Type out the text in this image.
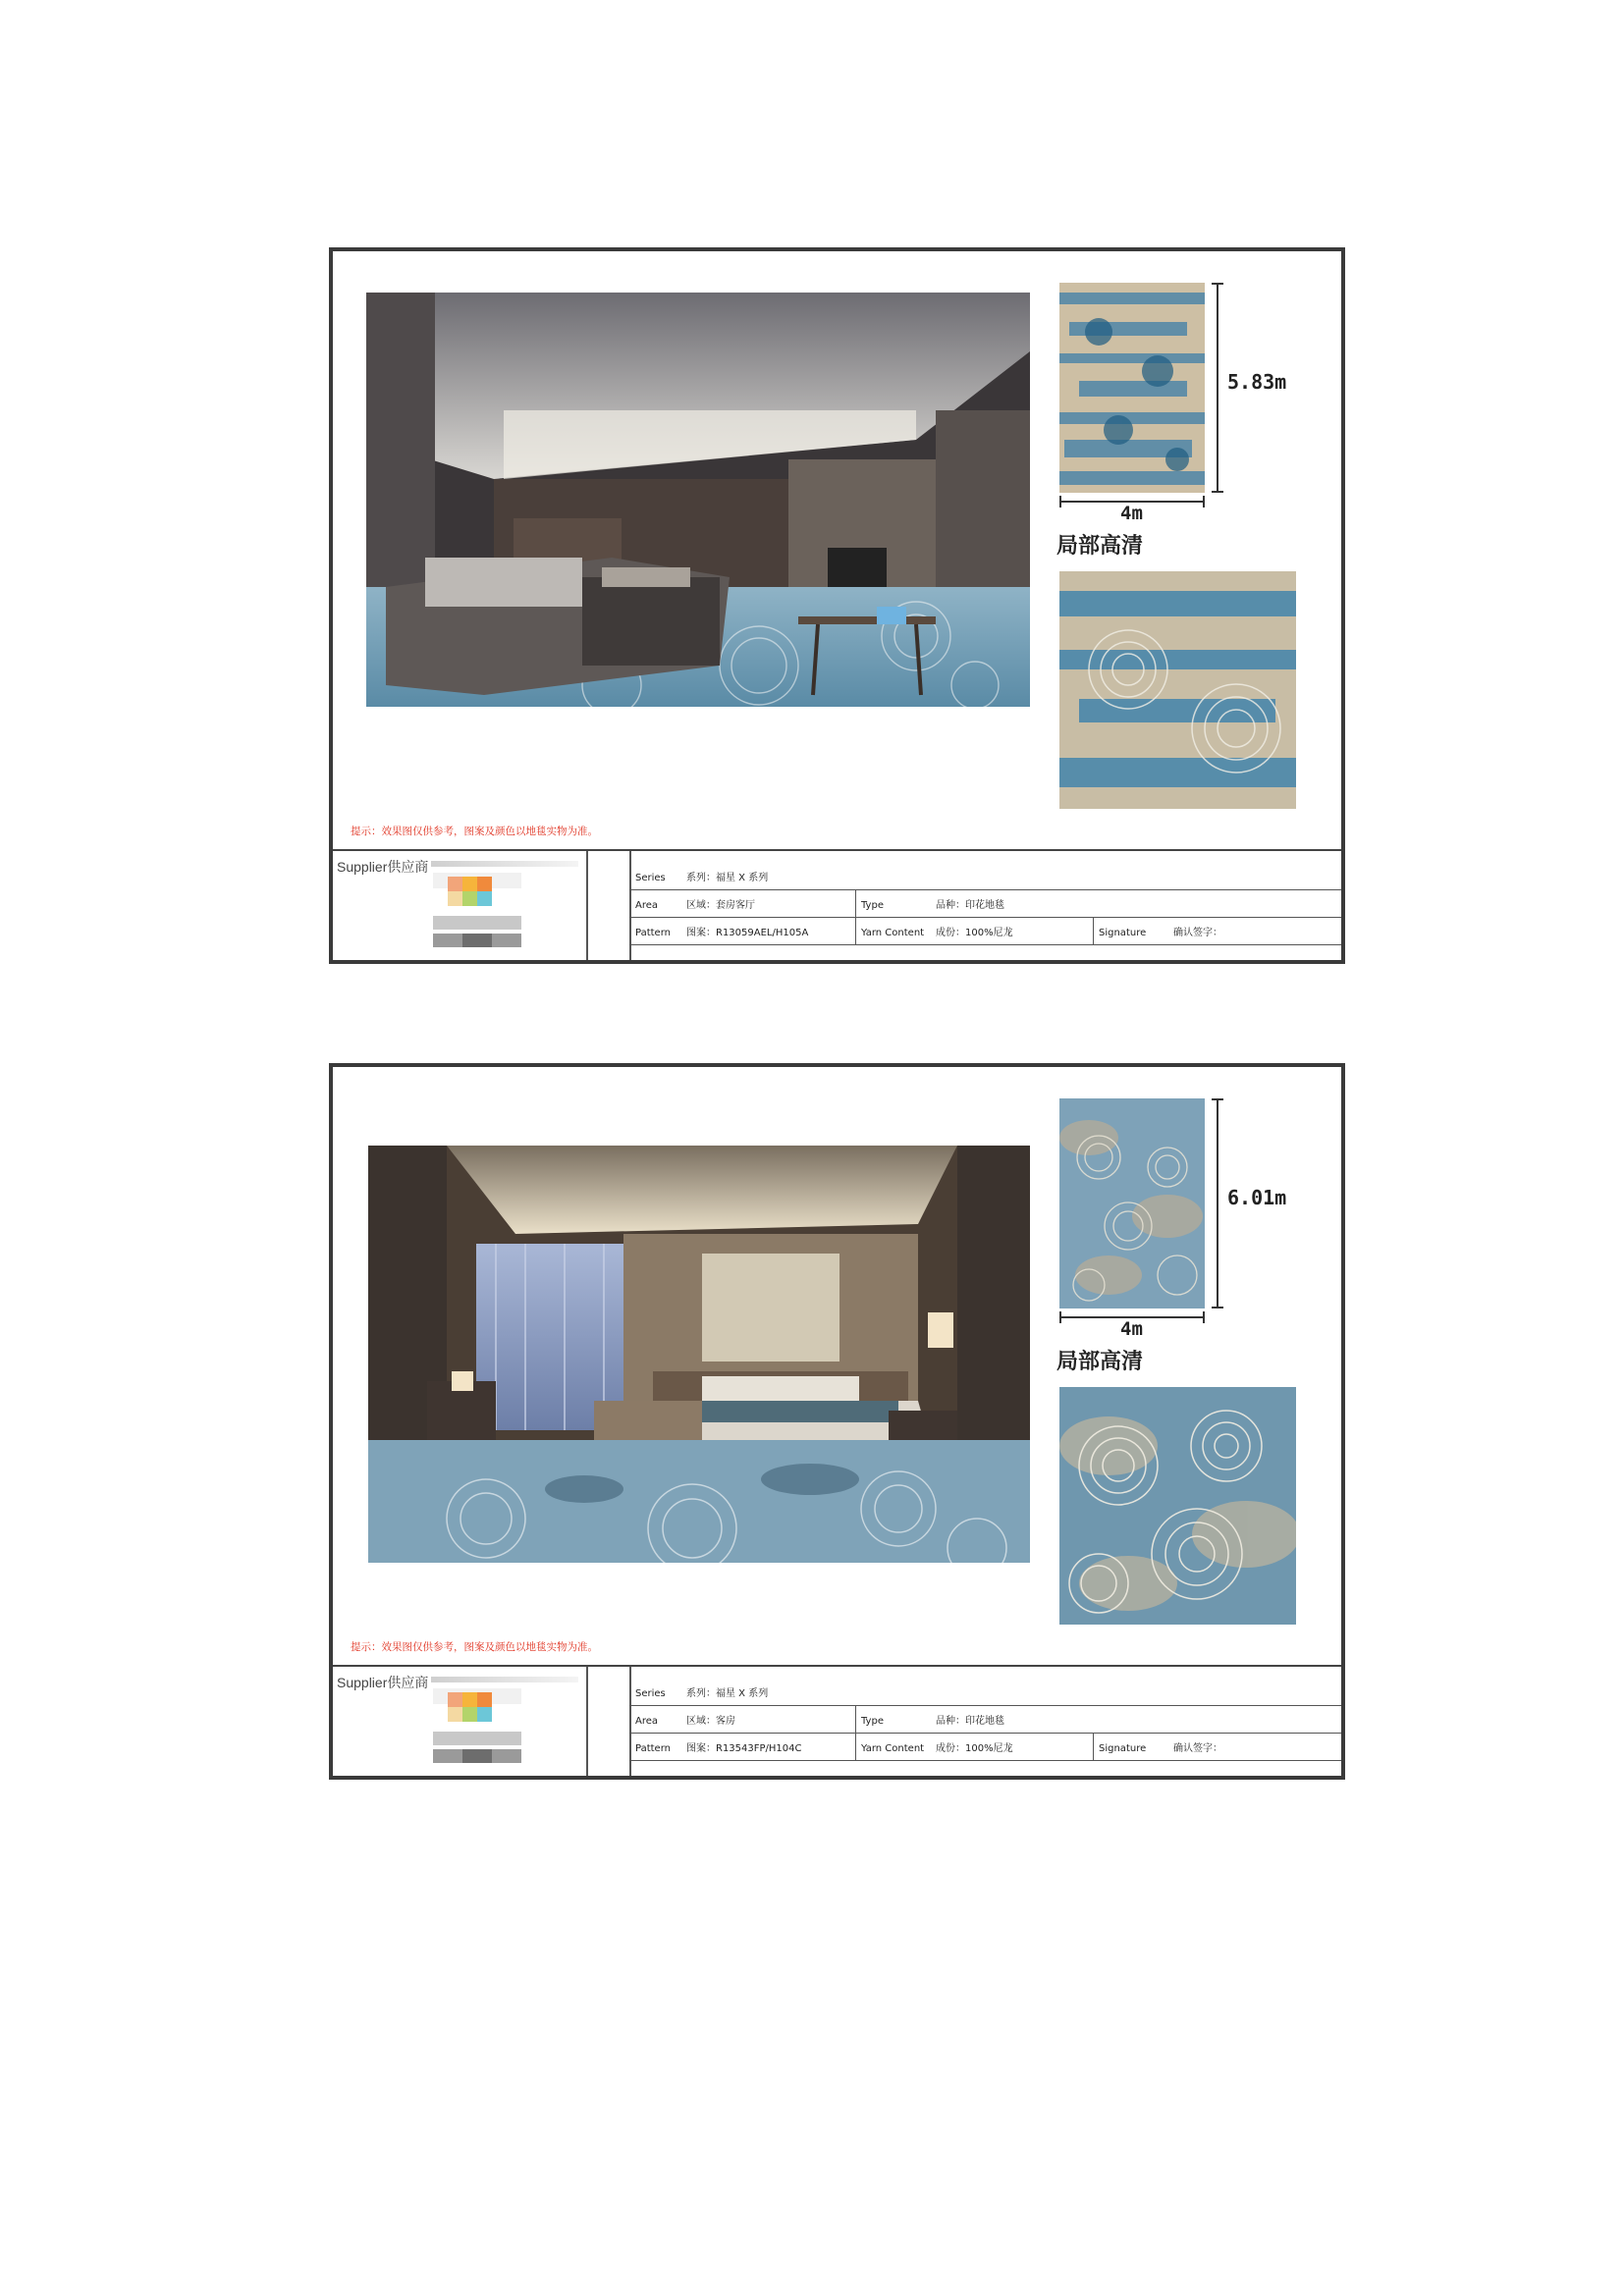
5.83m
4m
局部高清
提示：效果图仅供参考，图案及颜色以地毯实物为准。
Supplier供应商
Series 系列：福星 X 系列
Area	区域：套房客厅	Type	品种：印花地毯
Pattern 图案：R13059AEL/H105A	Yarn Content 成份：100%尼龙	Signature	确认签字：
6.01m
4m
局部高清
提示：效果图仅供参考，图案及颜色以地毯实物为准。
Supplier供应商
Series 系列：福星 X 系列
Area	区域：客房	Type	品种：印花地毯
Pattern 图案：R13543FP/H104C	Yarn Content 成份：100%尼龙	Signature	确认签字：
